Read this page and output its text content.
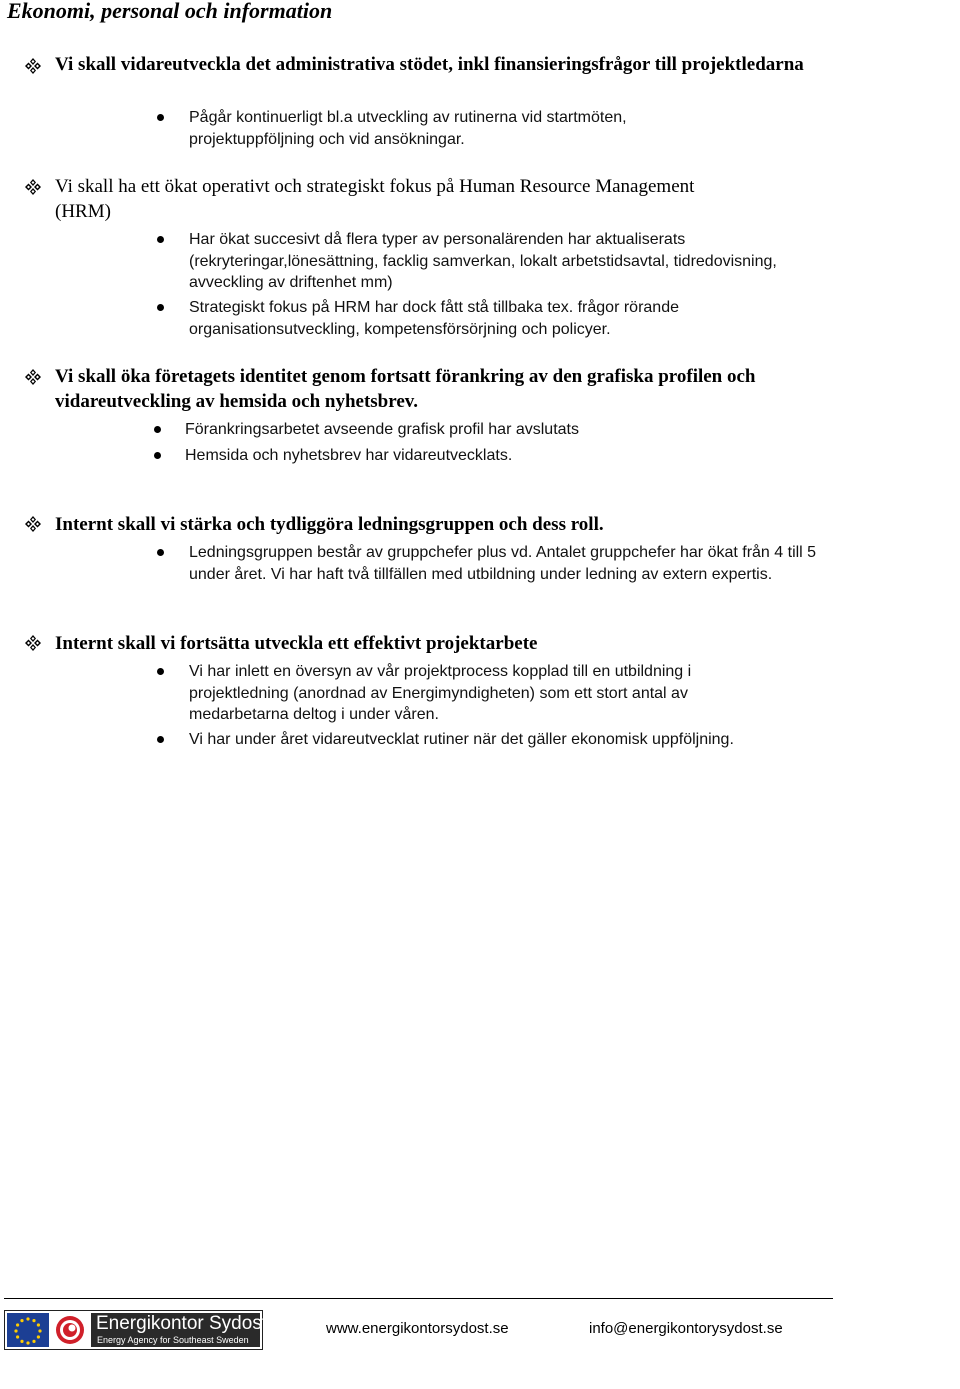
Ekonomi, personal och information
Vi skall vidareutveckla det administrativa stödet, inkl finansieringsfrågor till projektledarna
Pågår kontinuerligt bl.a utveckling av rutinerna vid startmöten, projektuppföljning och vid ansökningar.
Vi skall ha ett ökat operativt och strategiskt fokus på Human Resource Management (HRM)
Har ökat succesivt då flera typer av personalärenden har aktualiserats (rekryteringar,lönesättning, facklig samverkan, lokalt arbetstidsavtal, tidredovisning, avveckling av driftenhet mm)
Strategiskt fokus på HRM har dock fått stå tillbaka tex. frågor rörande organisationsutveckling, kompetensförsörjning och policyer.
Vi skall öka företagets identitet genom fortsatt förankring av den grafiska profilen och vidareutveckling av hemsida och nyhetsbrev.
Förankringsarbetet avseende grafisk profil har avslutats
Hemsida och nyhetsbrev har vidareutvecklats.
Internt skall vi stärka och tydliggöra ledningsgruppen och dess roll.
Ledningsgruppen består av gruppchefer plus vd. Antalet gruppchefer har ökat från 4 till 5 under året. Vi har haft två tillfällen med utbildning under ledning av extern expertis.
Internt skall vi fortsätta utveckla ett effektivt projektarbete
Vi har inlett en översyn av vår projektprocess kopplad till en utbildning i projektledning (anordnad av Energimyndigheten) som ett stort antal av medarbetarna deltog i under våren.
Vi har under året vidareutvecklat rutiner när det gäller ekonomisk uppföljning.
Energikontor Sydost
Energy Agency for Southeast Sweden
www.energikontorsydost.se	info@energikontorysydost.se
